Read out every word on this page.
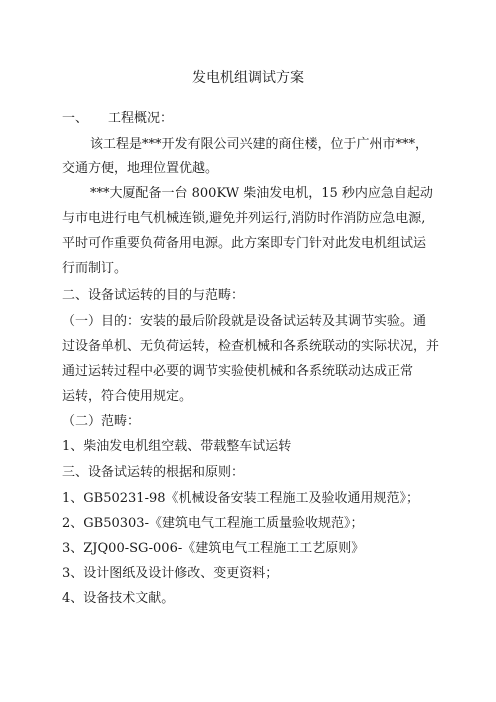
发电机组调试方案
一、 工程概况：
该工程是***开发有限公司兴建的商住楼，位于广州市***，
交通方便，地理位置优越。
***大厦配备一台 800KW 柴油发电机，15 秒内应急自起动
与市电进行电气机械连锁,避免并列运行,消防时作消防应急电源,
平时可作重要负荷备用电源。此方案即专门针对此发电机组试运
行而制订。
二、设备试运转的目的与范畴：
（一）目的：安装的最后阶段就是设备试运转及其调节实验。通
过设备单机、无负荷运转，检查机械和各系统联动的实际状况，并
通过运转过程中必要的调节实验使机械和各系统联动达成正常
运转，符合使用规定。
（二）范畴：
1、柴油发电机组空载、带载整车试运转
三、设备试运转的根据和原则：
1、GB50231-98《机械设备安装工程施工及验收通用规范》；
2、GB50303-《建筑电气工程施工质量验收规范》；
3、ZJQ00-SG-006-《建筑电气工程施工工艺原则》
3、设计图纸及设计修改、变更资料；
4、设备技术文献。
